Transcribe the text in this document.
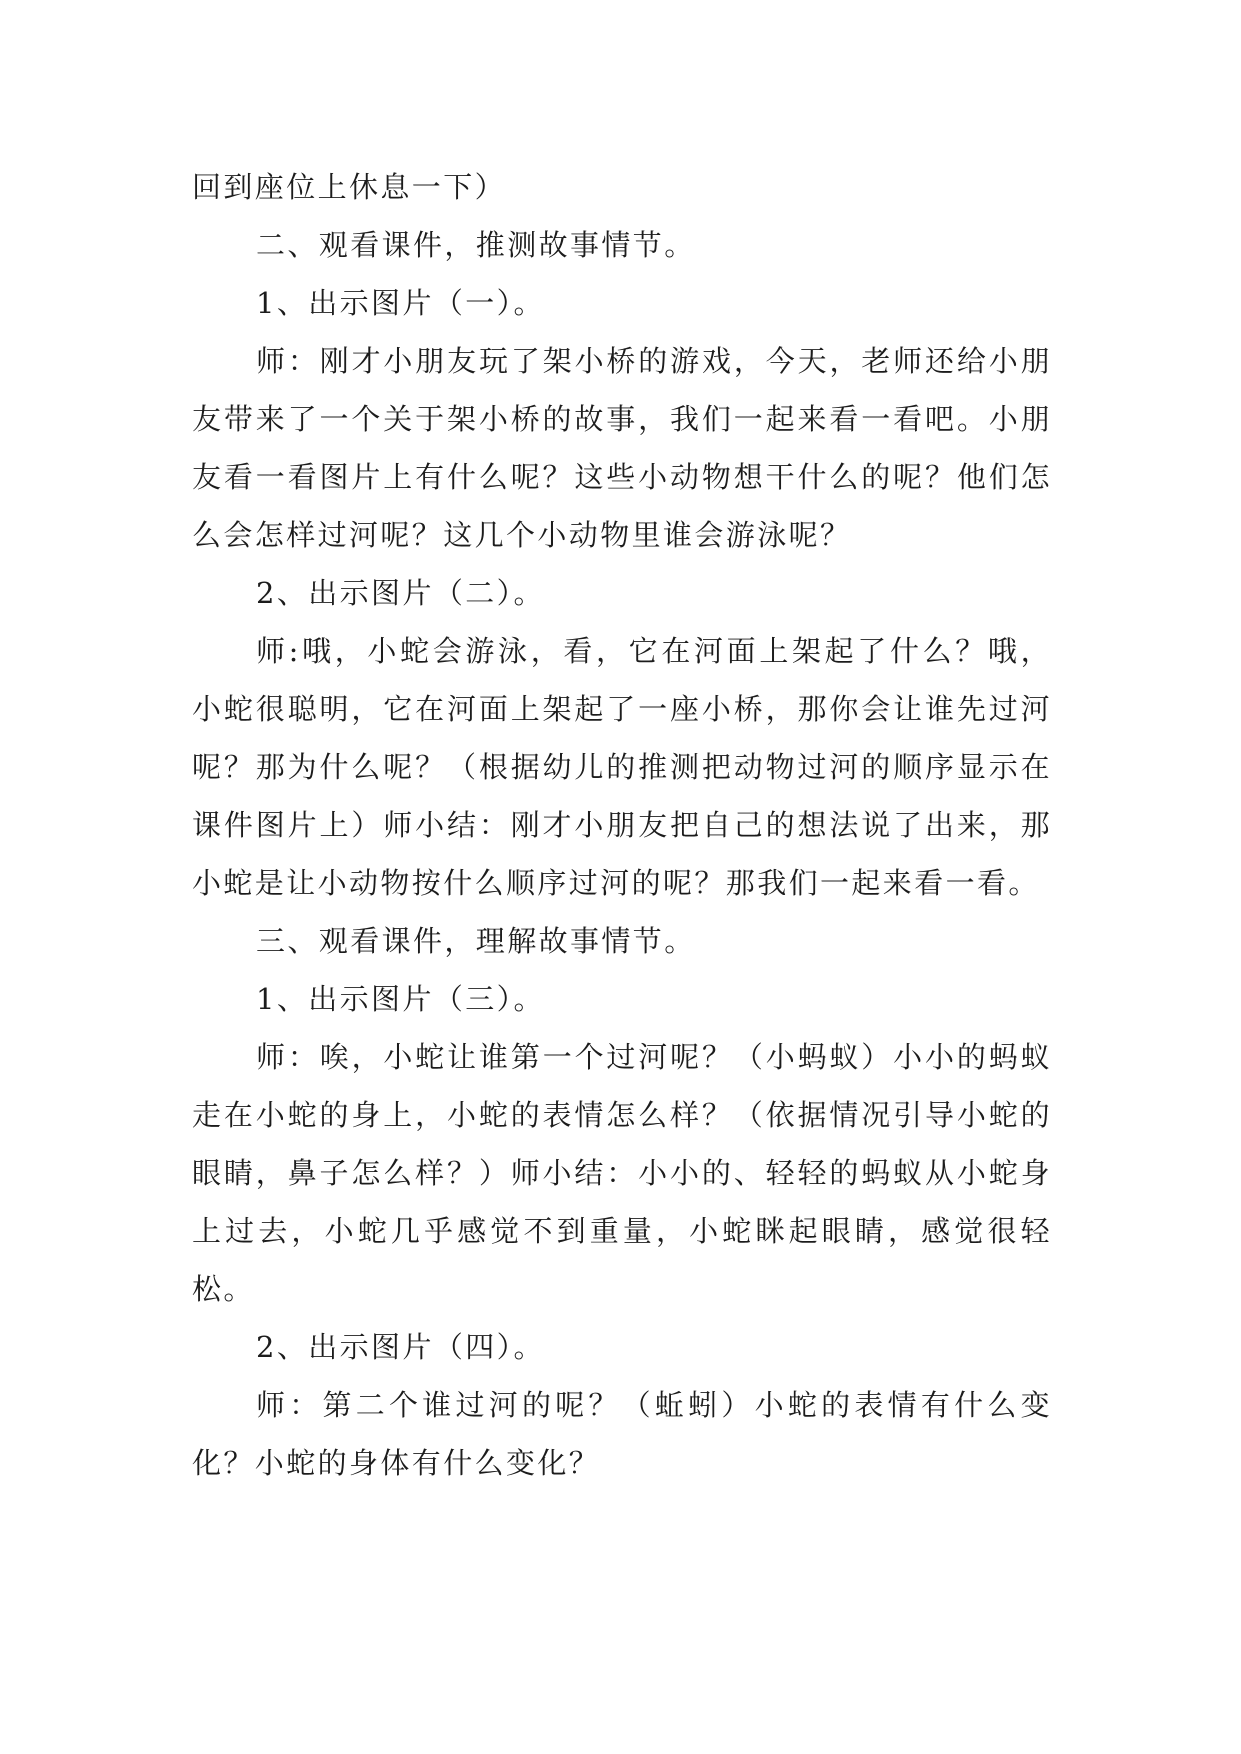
回到座位上休息一下）

二、观看课件，推测故事情节。

1、出示图片（一）。

师：刚才小朋友玩了架小桥的游戏，今天，老师还给小朋友带来了一个关于架小桥的故事，我们一起来看一看吧。小朋友看一看图片上有什么呢？这些小动物想干什么的呢？他们怎么会怎样过河呢？这几个小动物里谁会游泳呢？

2、出示图片（二）。

师:哦，小蛇会游泳，看，它在河面上架起了什么？哦，小蛇很聪明，它在河面上架起了一座小桥，那你会让谁先过河呢？那为什么呢？（根据幼儿的推测把动物过河的顺序显示在课件图片上）师小结：刚才小朋友把自己的想法说了出来，那小蛇是让小动物按什么顺序过河的呢？那我们一起来看一看。

三、观看课件，理解故事情节。

1、出示图片（三）。

师：唉，小蛇让谁第一个过河呢？（小蚂蚁）小小的蚂蚁走在小蛇的身上，小蛇的表情怎么样？（依据情况引导小蛇的眼睛，鼻子怎么样？）师小结：小小的、轻轻的蚂蚁从小蛇身上过去，小蛇几乎感觉不到重量，小蛇眯起眼睛，感觉很轻松。

2、出示图片（四）。

师：第二个谁过河的呢？（蚯蚓）小蛇的表情有什么变化？小蛇的身体有什么变化？
